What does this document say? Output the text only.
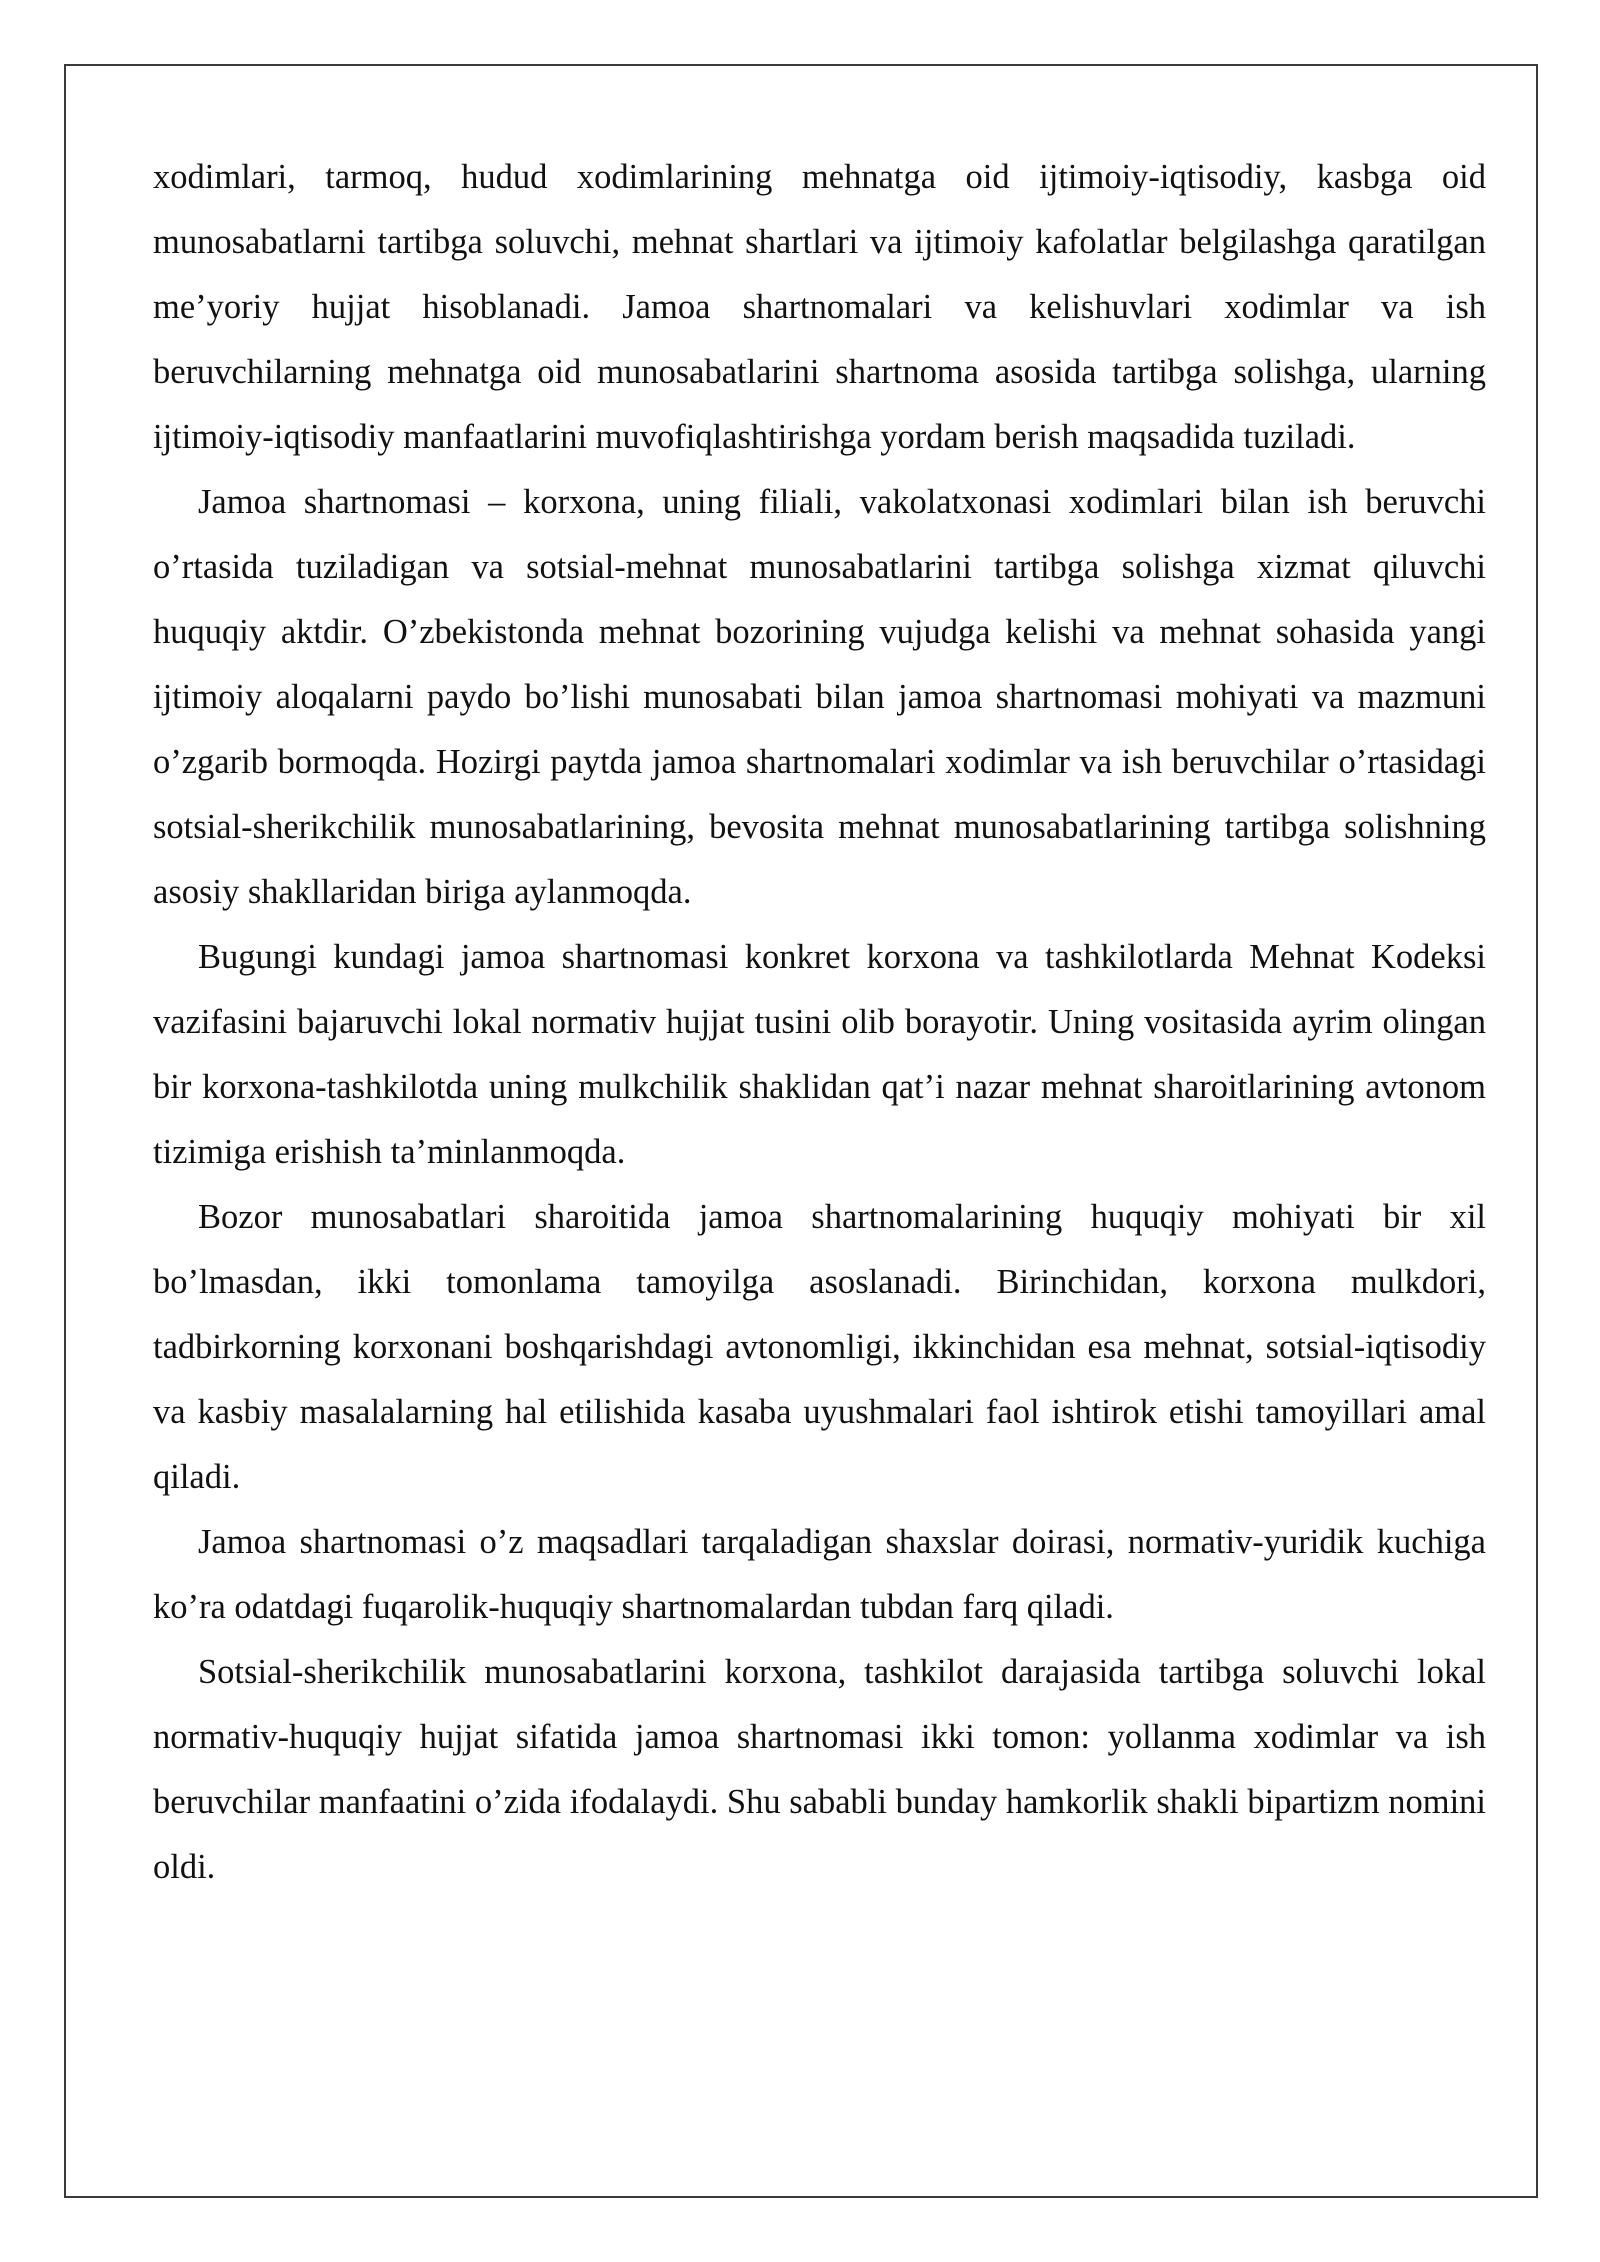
xodimlari, tarmoq, hudud xodimlarining mehnatga oid ijtimoiy-iqtisodiy, kasbga oid munosabatlarni tartibga soluvchi, mehnat shartlari va ijtimoiy kafolatlar belgilashga qaratilgan me’yoriy hujjat hisoblanadi. Jamoa shartnomalari va kelishuvlari xodimlar va ish beruvchilarning mehnatga oid munosabatlarini shartnoma asosida tartibga solishga, ularning ijtimoiy-iqtisodiy manfaatlarini muvofiqlashtirishga yordam berish maqsadida tuziladi.

Jamoa shartnomasi – korxona, uning filiali, vakolatxonasi xodimlari bilan ish beruvchi o’rtasida tuziladigan va sotsial-mehnat munosabatlarini tartibga solishga xizmat qiluvchi huquqiy aktdir. O’zbekistonda mehnat bozorining vujudga kelishi va mehnat sohasida yangi ijtimoiy aloqalarni paydo bo’lishi munosabati bilan jamoa shartnomasi mohiyati va mazmuni o’zgarib bormoqda. Hozirgi paytda jamoa shartnomalari xodimlar va ish beruvchilar o’rtasidagi sotsial-sherikchilik munosabatlarining, bevosita mehnat munosabatlarining tartibga solishning asosiy shakllaridan biriga aylanmoqda.

Bugungi kundagi jamoa shartnomasi konkret korxona va tashkilotlarda Mehnat Kodeksi vazifasini bajaruvchi lokal normativ hujjat tusini olib borayotir. Uning vositasida ayrim olingan bir korxona-tashkilotda uning mulkchilik shaklidan qat’i nazar mehnat sharoitlarining avtonom tizimiga erishish ta’minlanmoqda.

Bozor munosabatlari sharoitida jamoa shartnomalarining huquqiy mohiyati bir xil bo’lmasdan, ikki tomonlama tamoyilga asoslanadi. Birinchidan, korxona mulkdori, tadbirkorning korxonani boshqarishdagi avtonomligi, ikkinchidan esa mehnat, sotsial-iqtisodiy va kasbiy masalalarning hal etilishida kasaba uyushmalari faol ishtirok etishi tamoyillari amal qiladi.

Jamoa shartnomasi o’z maqsadlari tarqaladigan shaxslar doirasi, normativ-yuridik kuchiga ko’ra odatdagi fuqarolik-huquqiy shartnomalardan tubdan farq qiladi.

Sotsial-sherikchilik munosabatlarini korxona, tashkilot darajasida tartibga soluvchi lokal normativ-huquqiy hujjat sifatida jamoa shartnomasi ikki tomon: yollanma xodimlar va ish beruvchilar manfaatini o’zida ifodalaydi. Shu sababli bunday hamkorlik shakli bipartizm nomini oldi.
